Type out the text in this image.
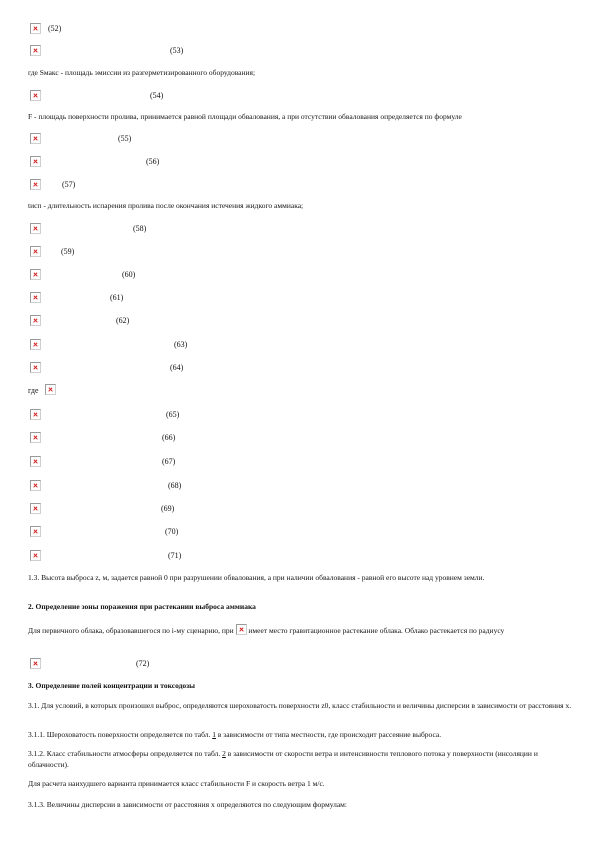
(52)
(53)
где Sмакс - площадь эмиссии из разгерметизированного оборудования;
(54)
F - площадь поверхности пролива, принимается равной площади обвалования, а при отсутствии обвалования определяется по формуле
(55)
(56)
(57)
tисп - длительность испарения пролива после окончания истечения жидкого аммиака;
(58)
(59)
(60)
(61)
(62)
(63)
(64)
где
(65)
(66)
(67)
(68)
(69)
(70)
(71)
1.3. Высота выброса z, м, задается равной 0 при разрушении обвалования, а при наличии обвалования - равной его высоте над уровнем земли.
2. Определение зоны поражения при растекании выброса аммиака
Для первичного облака, образовавшегося по i-му сценарию, при имеет место гравитационное растекание облака. Облако растекается по радиусу
(72)
3. Определение полей концентрации и токсодозы
3.1. Для условий, в которых произошел выброс, определяются шероховатость поверхности z0, класс стабильности и величины дисперсии в зависимости от расстояния x.
3.1.1. Шероховатость поверхности определяется по табл. 1 в зависимости от типа местности, где происходит рассеяние выброса.
3.1.2. Класс стабильности атмосферы определяется по табл. 2 в зависимости от скорости ветра и интенсивности теплового потока у поверхности (инсоляции и облачности).
Для расчета наихудшего варианта принимается класс стабильности F и скорость ветра 1 м/с.
3.1.3. Величины дисперсии в зависимости от расстояния x определяются по следующим формулам:
